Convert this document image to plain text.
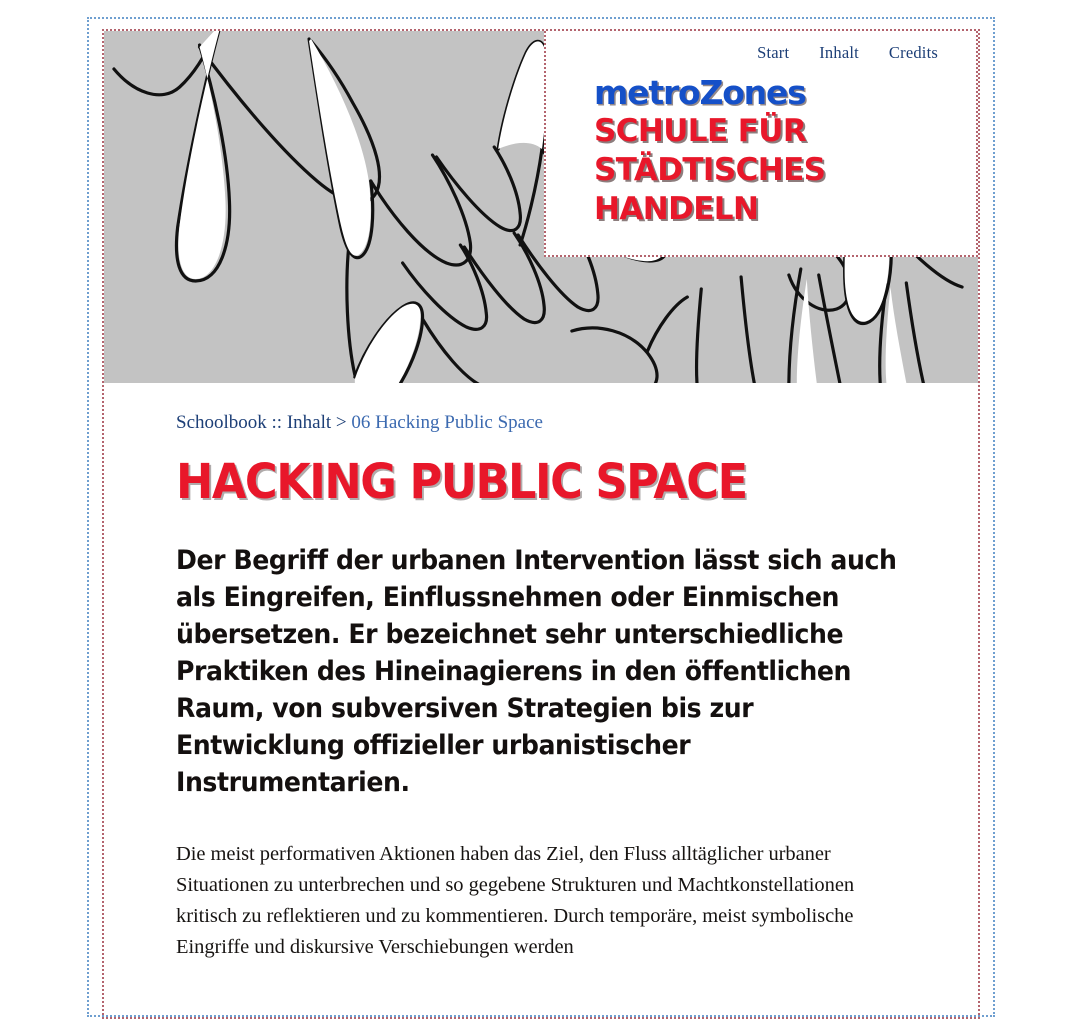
Start Inhalt Credits
metroZones
SCHULE FÜR
STÄDTISCHES
HANDELN
Schoolbook :: Inhalt > 06 Hacking Public Space
HACKING PUBLIC SPACE

Der Begriff der urbanen Intervention lässt sich auch als Eingreifen, Einflussnehmen oder Einmischen übersetzen. Er bezeichnet sehr unterschiedliche Praktiken des Hineinagierens in den öffentlichen Raum, von subversiven Strategien bis zur Entwicklung offizieller urbanistischer Instrumentarien.

Die meist performativen Aktionen haben das Ziel, den Fluss alltäglicher urbaner Situationen zu unterbrechen und so gegebene Strukturen und Machtkonstellationen kritisch zu reflektieren und zu kommentieren. Durch temporäre, meist symbolische Eingriffe und diskursive Verschiebungen werden
